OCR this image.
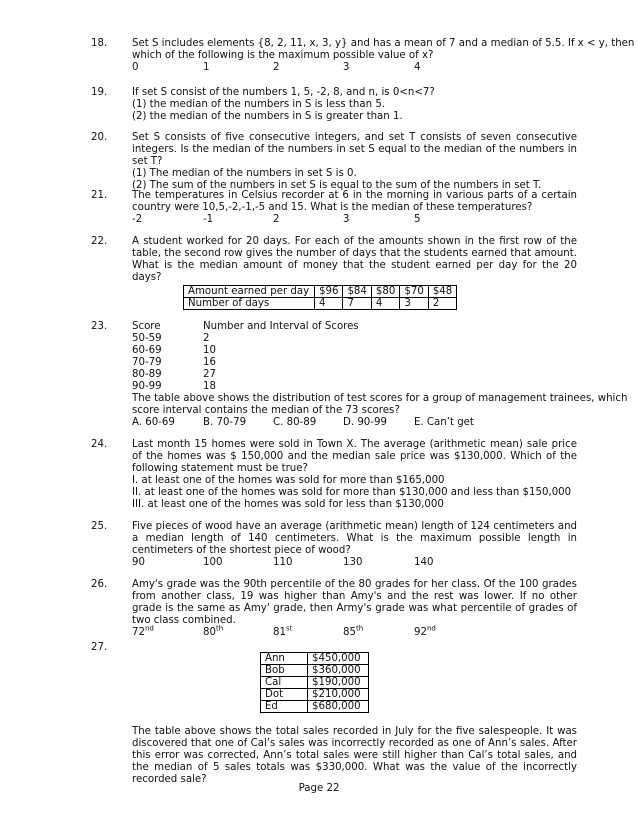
18. Set S includes elements {8, 2, 11, x, 3, y} and has a mean of 7 and a median of 5.5. If x < y, then
which of the following is the maximum possible value of x?
0	1	2	3	4
19. If set S consist of the numbers 1, 5, -2, 8, and n, is 0<n<7?
(1) the median of the numbers in S is less than 5.
(2) the median of the numbers in S is greater than 1.
20. Set S consists of five consecutive integers, and set T consists of seven consecutive integers. Is the median of the numbers in set S equal to the median of the numbers in set T?
(1) The median of the numbers in set S is 0.
(2) The sum of the numbers in set S is equal to the sum of the numbers in set T.
21. The temperatures in Celsius recorder at 6 in the morning in various parts of a certain country were 10,5,-2,-1,-5 and 15. What is the median of these temperatures?
-2	-1	2	3	5
22. A student worked for 20 days. For each of the amounts shown in the first row of the table, the second row gives the number of days that the students earned that amount. What is the median amount of money that the student earned per day for the 20 days?
Amount earned per day	$96	$84	$80	$70	$48
Number of days	4	7	4	3	2
23. Score	Number and Interval of Scores
50-59	2
60-69	10
70-79	16
80-89	27
90-99	18
The table above shows the distribution of test scores for a group of management trainees, which
score interval contains the median of the 73 scores?
A. 60-69	B. 70-79	C. 80-89	D. 90-99	E. Can’t get
24. Last month 15 homes were sold in Town X. The average (arithmetic mean) sale price of the homes was $ 150,000 and the median sale price was $130,000. Which of the following statement must be true?
I. at least one of the homes was sold for more than $165,000
II. at least one of the homes was sold for more than $130,000 and less than $150,000
III. at least one of the homes was sold for less than $130,000
25. Five pieces of wood have an average (arithmetic mean) length of 124 centimeters and a median length of 140 centimeters. What is the maximum possible length in centimeters of the shortest piece of wood?
90	100	110	130	140
26. Amy's grade was the 90th percentile of the 80 grades for her class. Of the 100 grades from another class, 19 was higher than Amy's and the rest was lower. If no other grade is the same as Amy' grade, then Army's grade was what percentile of grades of two class combined.
72nd	80th	81st	85th	92nd
27.
Ann	$450,000
Bob	$360,000
Cal	$190,000
Dot	$210,000
Ed	$680,000
The table above shows the total sales recorded in July for the five salespeople. It was discovered that one of Cal’s sales was incorrectly recorded as one of Ann’s sales. After this error was corrected, Ann’s total sales were still higher than Cal’s total sales, and the median of 5 sales totals was $330,000. What was the value of the incorrectly recorded sale?
Page 22
